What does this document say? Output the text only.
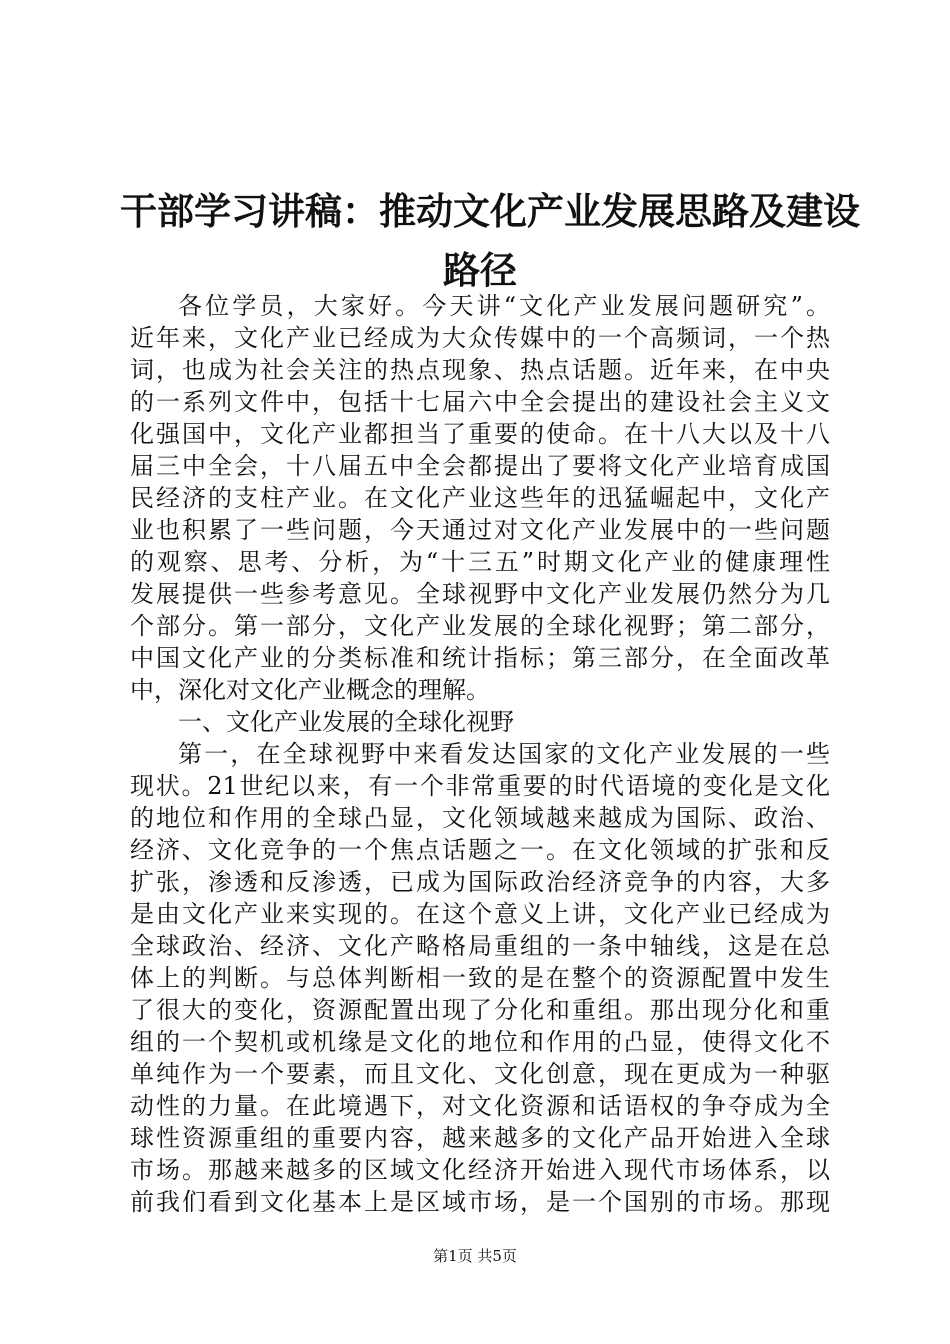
干部学习讲稿：推动文化产业发展思路及建设
路径
各位学员，大家好。今天讲“文化产业发展问题研究”。
近年来，文化产业已经成为大众传媒中的一个高频词，一个热
词，也成为社会关注的热点现象、热点话题。近年来，在中央
的一系列文件中，包括十七届六中全会提出的建设社会主义文
化强国中，文化产业都担当了重要的使命。在十八大以及十八
届三中全会，十八届五中全会都提出了要将文化产业培育成国
民经济的支柱产业。在文化产业这些年的迅猛崛起中，文化产
业也积累了一些问题，今天通过对文化产业发展中的一些问题
的观察、思考、分析，为“十三五”时期文化产业的健康理性
发展提供一些参考意见。全球视野中文化产业发展仍然分为几
个部分。第一部分，文化产业发展的全球化视野；第二部分，
中国文化产业的分类标准和统计指标；第三部分，在全面改革
中，深化对文化产业概念的理解。
一、文化产业发展的全球化视野
第一，在全球视野中来看发达国家的文化产业发展的一些
现状。21世纪以来，有一个非常重要的时代语境的变化是文化
的地位和作用的全球凸显，文化领域越来越成为国际、政治、
经济、文化竞争的一个焦点话题之一。在文化领域的扩张和反
扩张，渗透和反渗透，已成为国际政治经济竞争的内容，大多
是由文化产业来实现的。在这个意义上讲，文化产业已经成为
全球政治、经济、文化产略格局重组的一条中轴线，这是在总
体上的判断。与总体判断相一致的是在整个的资源配置中发生
了很大的变化，资源配置出现了分化和重组。那出现分化和重
组的一个契机或机缘是文化的地位和作用的凸显，使得文化不
单纯作为一个要素，而且文化、文化创意，现在更成为一种驱
动性的力量。在此境遇下，对文化资源和话语权的争夺成为全
球性资源重组的重要内容，越来越多的文化产品开始进入全球
市场。那越来越多的区域文化经济开始进入现代市场体系，以
前我们看到文化基本上是区域市场，是一个国别的市场。那现
第1页 共5页
